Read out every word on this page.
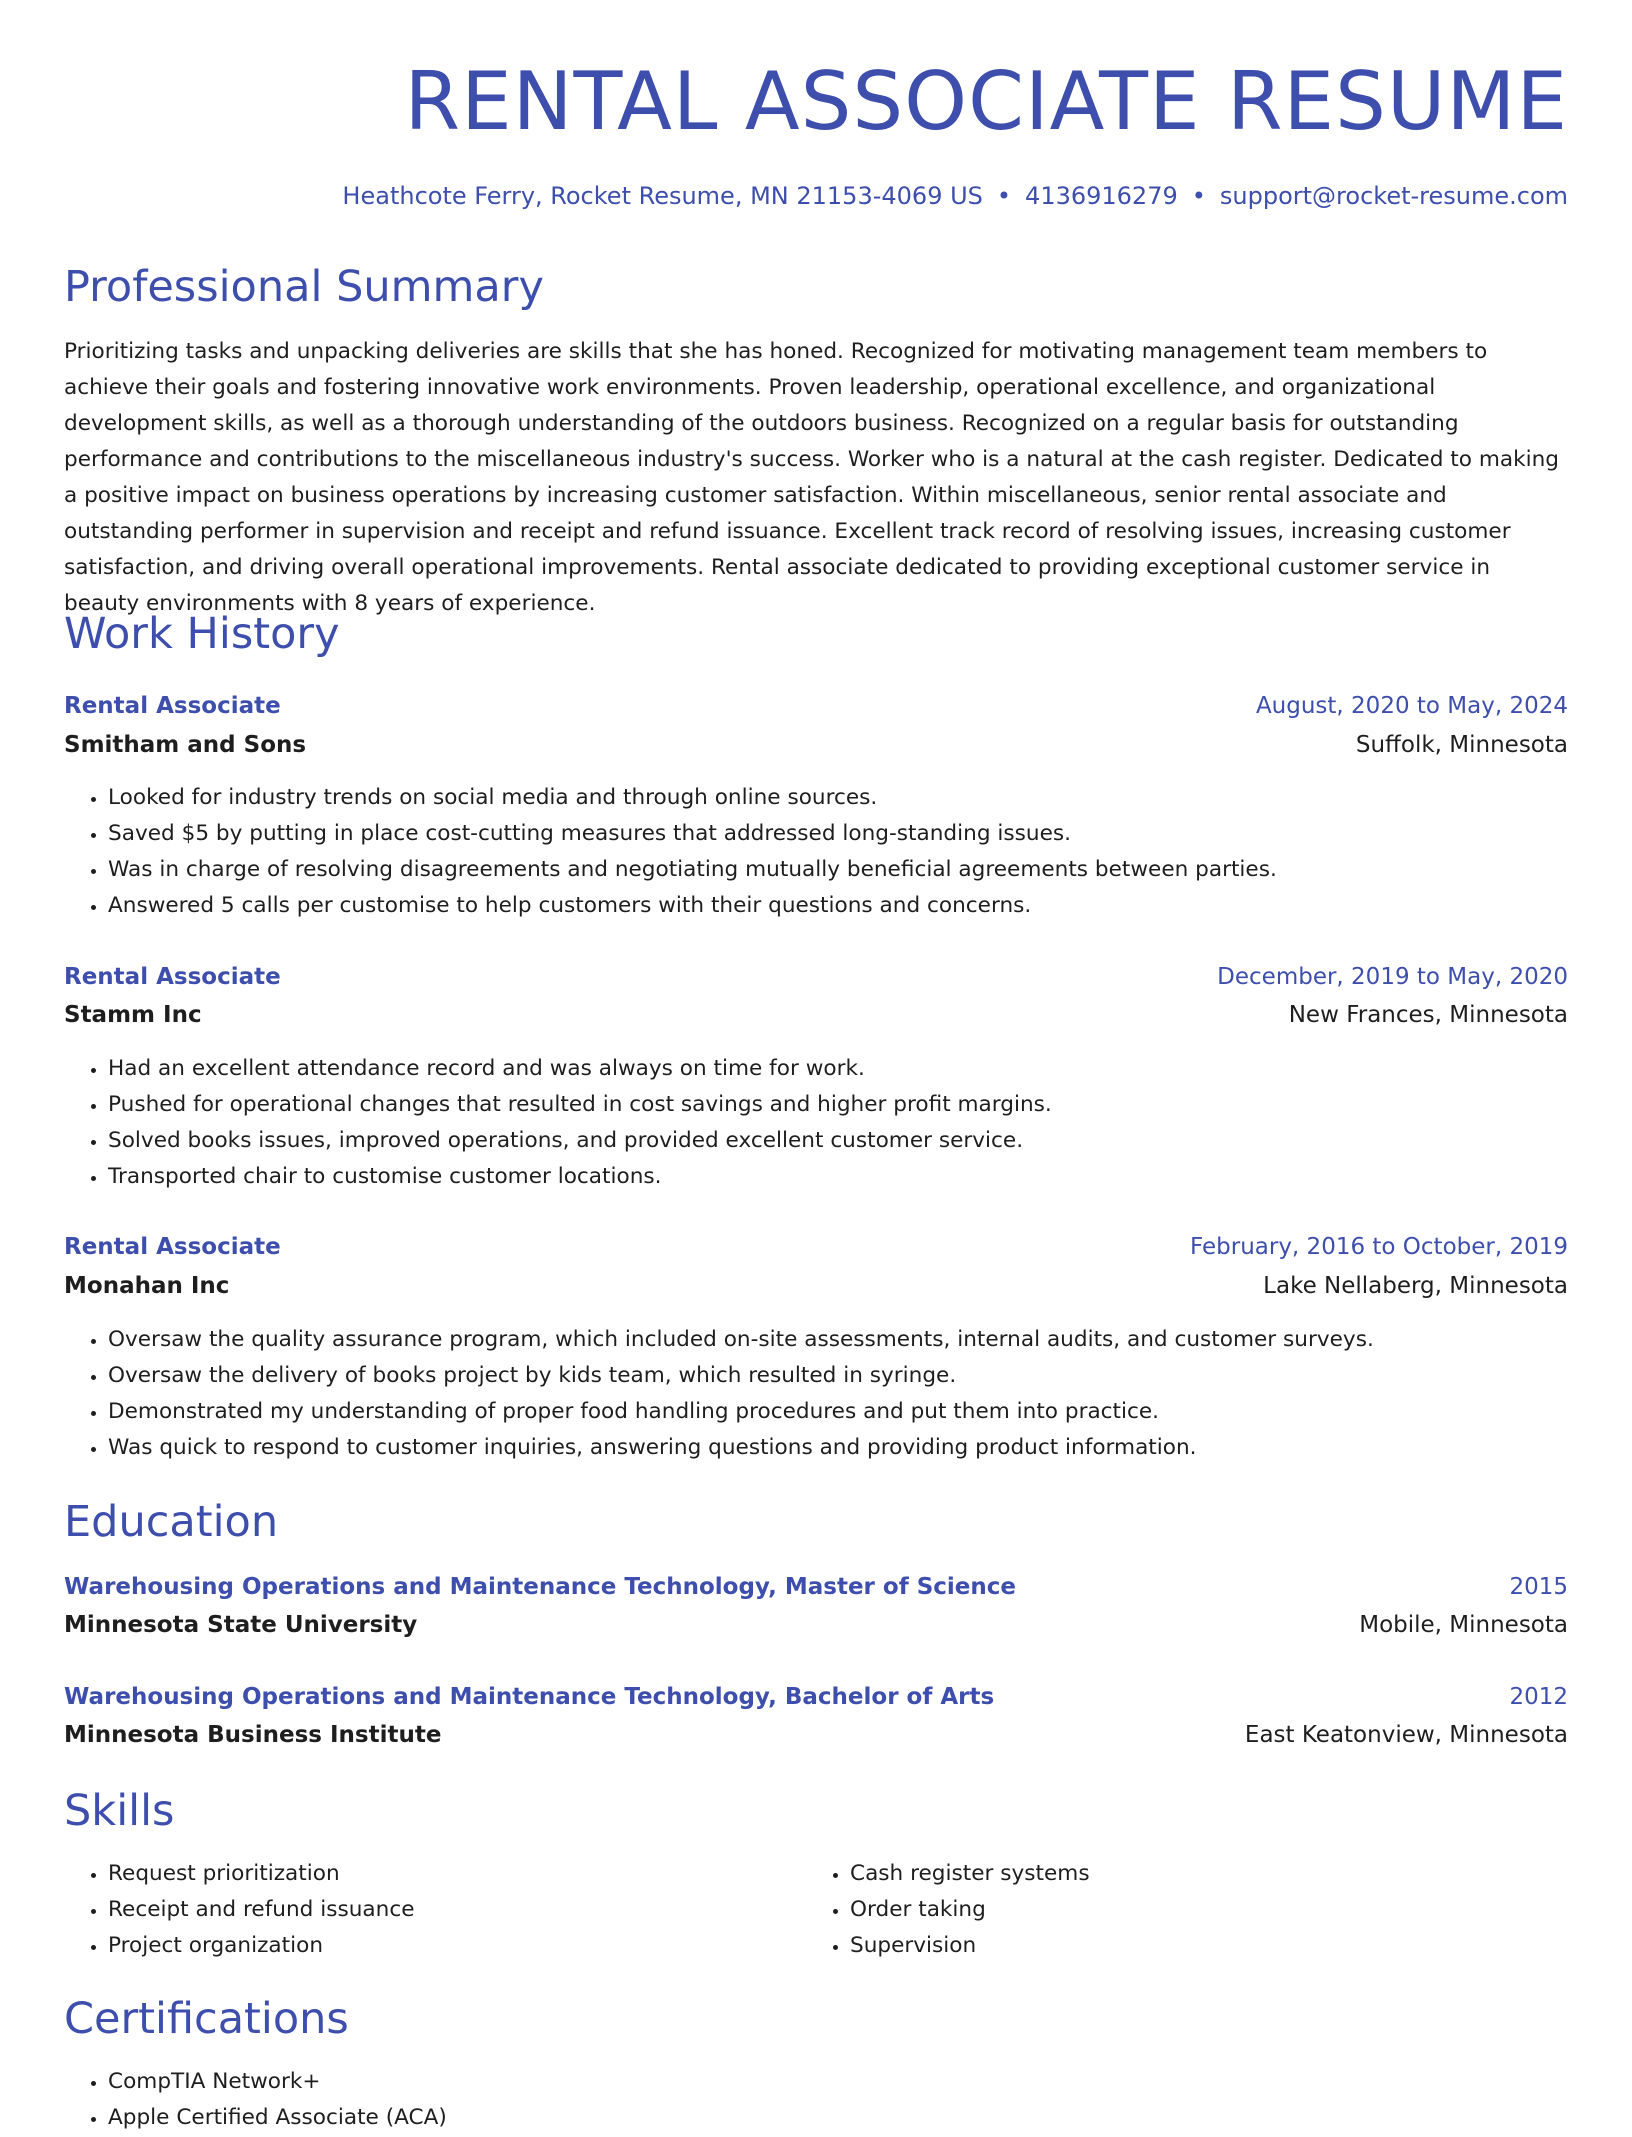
RENTAL ASSOCIATE RESUME
Heathcote Ferry, Rocket Resume, MN 21153-4069 US • 4136916279 • support@rocket-resume.com
Professional Summary

Prioritizing tasks and unpacking deliveries are skills that she has honed. Recognized for motivating management team members to achieve their goals and fostering innovative work environments. Proven leadership, operational excellence, and organizational development skills, as well as a thorough understanding of the outdoors business. Recognized on a regular basis for outstanding performance and contributions to the miscellaneous industry's success. Worker who is a natural at the cash register. Dedicated to making a positive impact on business operations by increasing customer satisfaction. Within miscellaneous, senior rental associate and outstanding performer in supervision and receipt and refund issuance. Excellent track record of resolving issues, increasing customer satisfaction, and driving overall operational improvements. Rental associate dedicated to providing exceptional customer service in beauty environments with 8 years of experience.

Work History
Rental Associate	August, 2020 to May, 2024
Smitham and Sons	Suffolk, Minnesota
• Looked for industry trends on social media and through online sources.
• Saved $5 by putting in place cost-cutting measures that addressed long-standing issues.
• Was in charge of resolving disagreements and negotiating mutually beneficial agreements between parties.
• Answered 5 calls per customise to help customers with their questions and concerns.
Rental Associate	December, 2019 to May, 2020
Stamm Inc	New Frances, Minnesota
• Had an excellent attendance record and was always on time for work.
• Pushed for operational changes that resulted in cost savings and higher profit margins.
• Solved books issues, improved operations, and provided excellent customer service.
• Transported chair to customise customer locations.
Rental Associate	February, 2016 to October, 2019
Monahan Inc	Lake Nellaberg, Minnesota
• Oversaw the quality assurance program, which included on-site assessments, internal audits, and customer surveys.
• Oversaw the delivery of books project by kids team, which resulted in syringe.
• Demonstrated my understanding of proper food handling procedures and put them into practice.
• Was quick to respond to customer inquiries, answering questions and providing product information.
Education
Warehousing Operations and Maintenance Technology, Master of Science	2015
Minnesota State University	Mobile, Minnesota
Warehousing Operations and Maintenance Technology, Bachelor of Arts	2012
Minnesota Business Institute	East Keatonview, Minnesota
Skills
• Request prioritization
• Receipt and refund issuance
• Project organization
• Cash register systems
• Order taking
• Supervision
Certifications
• CompTIA Network+
• Apple Certified Associate (ACA)
